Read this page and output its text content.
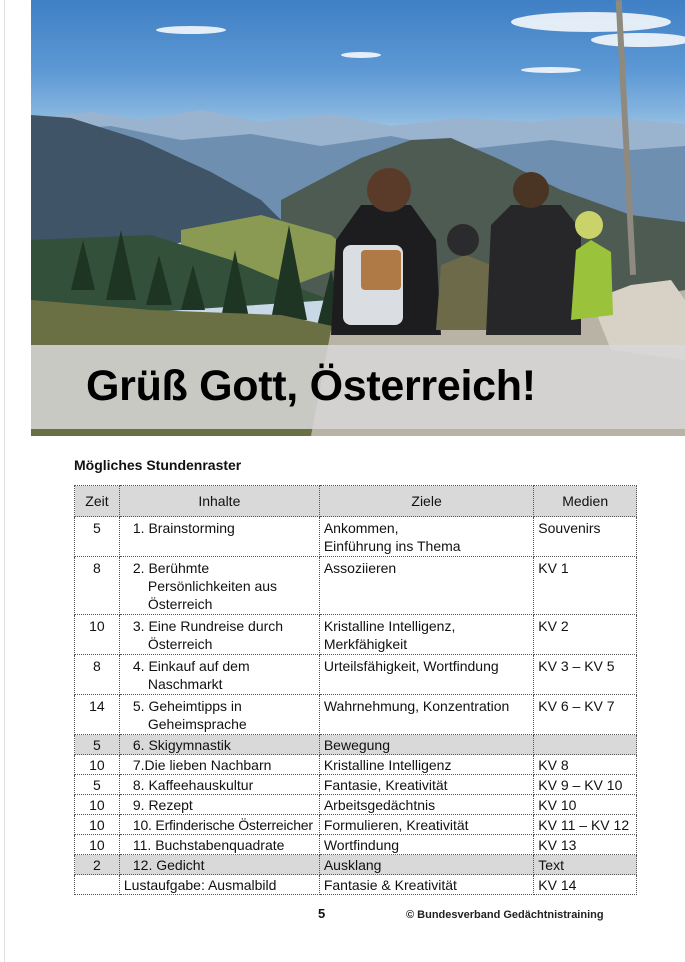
Grüß Gott, Österreich!
Mögliches Stundenraster
Zeit	Inhalte	Ziele	Medien
5	1. Brainstorming	Ankommen, Einführung ins Thema	Souvenirs
8	2. Berühmte Persönlichkeiten aus Österreich	Assoziieren	KV 1
10	3. Eine Rundreise durch Österreich	Kristalline Intelligenz, Merkfähigkeit	KV 2
8	4. Einkauf auf dem Naschmarkt	Urteilsfähigkeit, Wortfindung	KV 3 – KV 5
14	5. Geheimtipps in Geheimsprache	Wahrnehmung, Konzentration	KV 6 – KV 7
5	6. Skigymnastik	Bewegung	
10	7.Die lieben Nachbarn	Kristalline Intelligenz	KV 8
5	8. Kaffeehauskultur	Fantasie, Kreativität	KV 9 – KV 10
10	9. Rezept	Arbeitsgedächtnis	KV 10
10	10. Erfinderische Österreicher	Formulieren, Kreativität	KV 11 – KV 12
10	11. Buchstabenquadrate	Wortfindung	KV 13
2	12. Gedicht	Ausklang	Text
	Lustaufgabe: Ausmalbild	Fantasie & Kreativität	KV 14
5	© Bundesverband Gedächtnistraining
